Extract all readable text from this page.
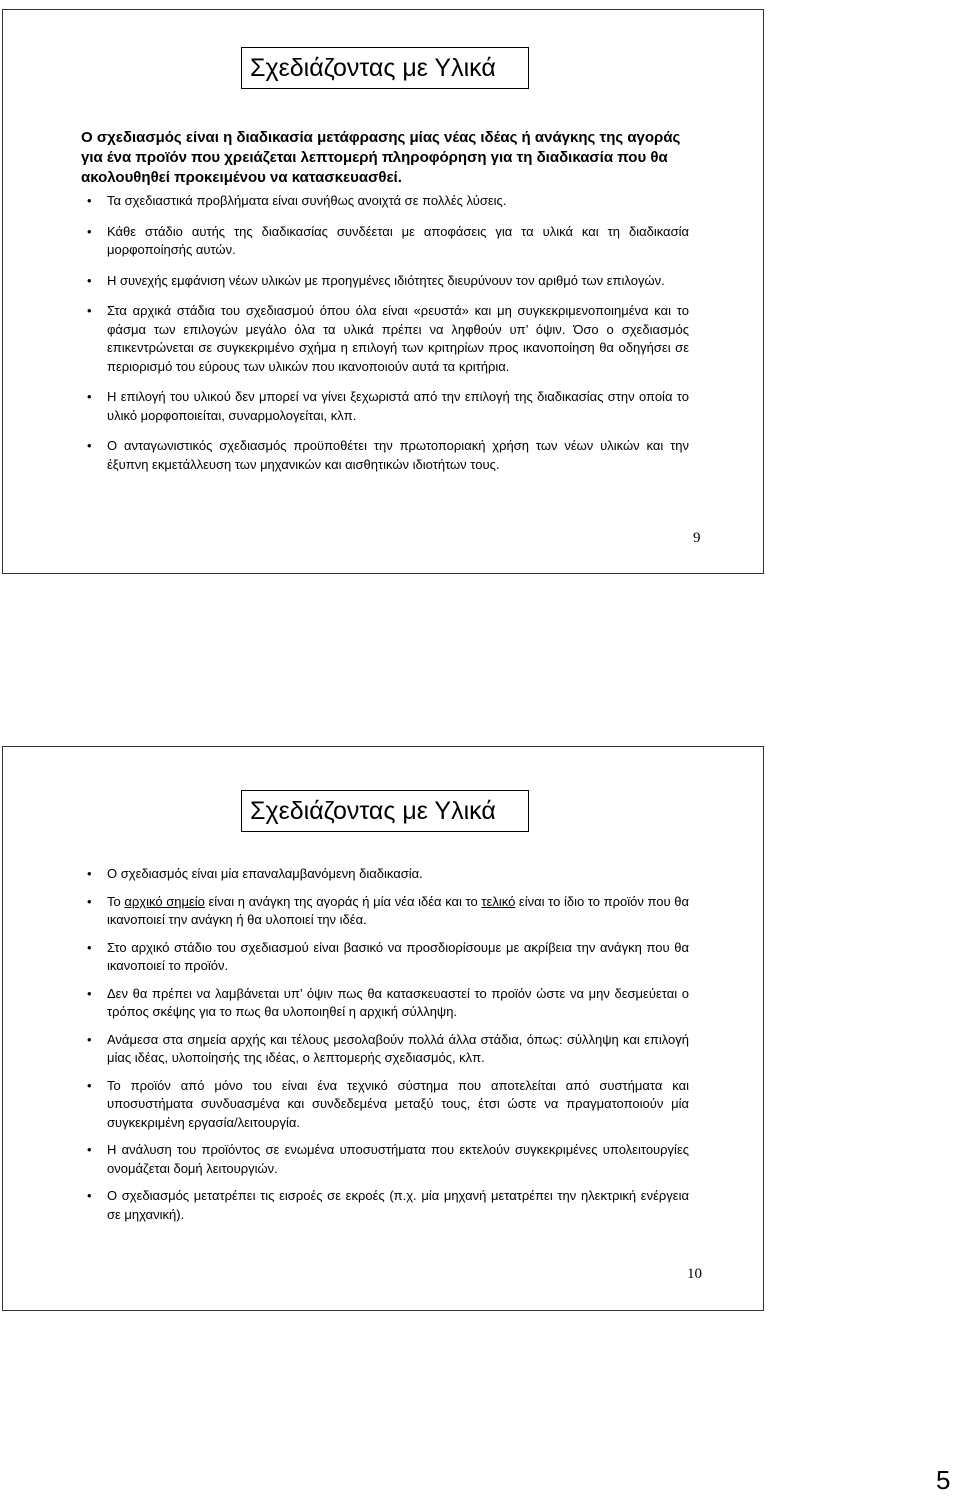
Σχεδιάζοντας με Υλικά
Ο σχεδιασμός είναι η διαδικασία μετάφρασης μίας νέας ιδέας ή ανάγκης της αγοράς για ένα προϊόν που χρειάζεται λεπτομερή πληροφόρηση για τη διαδικασία που θα ακολουθηθεί προκειμένου να κατασκευασθεί.
• Τα σχεδιαστικά προβλήματα είναι συνήθως ανοιχτά σε πολλές λύσεις.
• Κάθε στάδιο αυτής της διαδικασίας συνδέεται με αποφάσεις για τα υλικά και τη διαδικασία μορφοποίησής αυτών.
• Η συνεχής εμφάνιση νέων υλικών με προηγμένες ιδιότητες διευρύνουν τον αριθμό των επιλογών.
• Στα αρχικά στάδια του σχεδιασμού όπου όλα είναι «ρευστά» και μη συγκεκριμενοποιημένα και το φάσμα των επιλογών μεγάλο όλα τα υλικά πρέπει να ληφθούν υπ’ όψιν. Όσο ο σχεδιασμός επικεντρώνεται σε συγκεκριμένο σχήμα η επιλογή των κριτηρίων προς ικανοποίηση θα οδηγήσει σε περιορισμό του εύρους των υλικών που ικανοποιούν αυτά τα κριτήρια.
• Η επιλογή του υλικού δεν μπορεί να γίνει ξεχωριστά από την επιλογή της διαδικασίας στην οποία το υλικό μορφοποιείται, συναρμολογείται, κλπ.
• Ο ανταγωνιστικός σχεδιασμός προϋποθέτει την πρωτοποριακή χρήση των νέων υλικών και την έξυπνη εκμετάλλευση των μηχανικών και αισθητικών ιδιοτήτων τους.
9
Σχεδιάζοντας με Υλικά
• Ο σχεδιασμός είναι μία επαναλαμβανόμενη διαδικασία.
• Το αρχικό σημείο είναι η ανάγκη της αγοράς ή μία νέα ιδέα και το τελικό είναι το ίδιο το προϊόν που θα ικανοποιεί την ανάγκη ή θα υλοποιεί την ιδέα.
• Στο αρχικό στάδιο του σχεδιασμού είναι βασικό να προσδιορίσουμε με ακρίβεια την ανάγκη που θα ικανοποιεί το προϊόν.
• Δεν θα πρέπει να λαμβάνεται υπ’ όψιν πως θα κατασκευαστεί το προϊόν ώστε να μην δεσμεύεται ο τρόπος σκέψης για το πως θα υλοποιηθεί η αρχική σύλληψη.
• Ανάμεσα στα σημεία αρχής και τέλους μεσολαβούν πολλά άλλα στάδια, όπως: σύλληψη και επιλογή μίας ιδέας, υλοποίησής της ιδέας, ο λεπτομερής σχεδιασμός, κλπ.
• Το προϊόν από μόνο του είναι ένα τεχνικό σύστημα που αποτελείται από συστήματα και υποσυστήματα συνδυασμένα και συνδεδεμένα μεταξύ τους, έτσι ώστε να πραγματοποιούν μία συγκεκριμένη εργασία/λειτουργία.
• Η ανάλυση του προϊόντος σε ενωμένα υποσυστήματα που εκτελούν συγκεκριμένες υπολειτουργίες ονομάζεται δομή λειτουργιών.
• Ο σχεδιασμός μετατρέπει τις εισροές σε εκροές (π.χ. μία μηχανή μετατρέπει την ηλεκτρική ενέργεια σε μηχανική).
10
5
